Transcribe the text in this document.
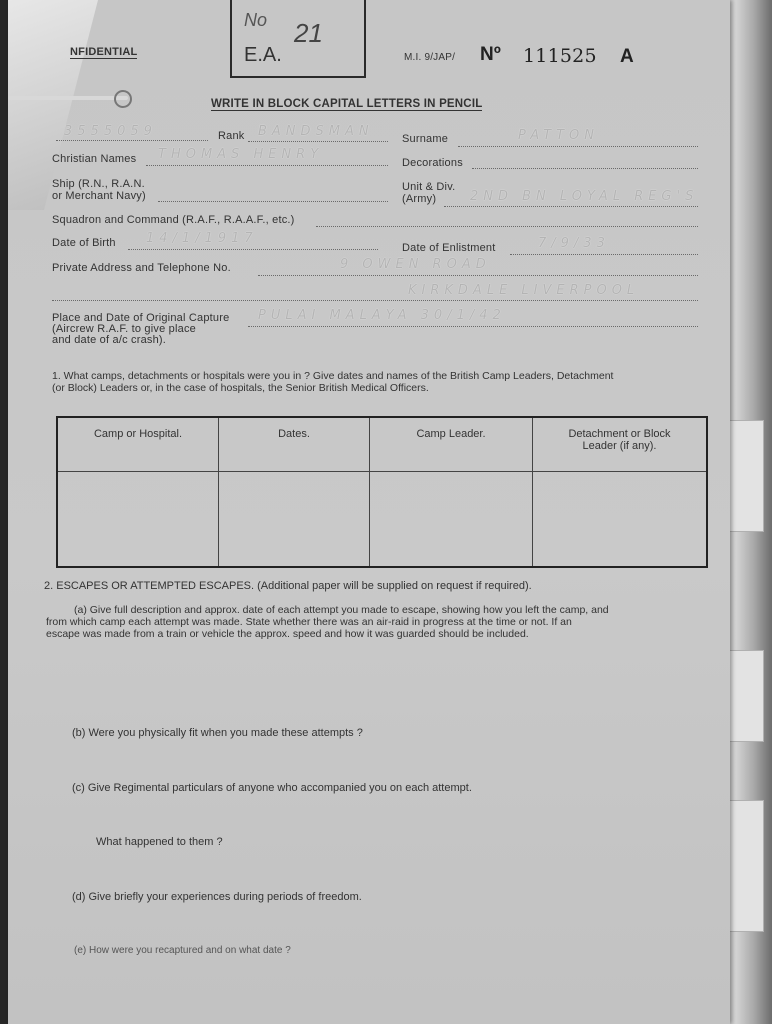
NFIDENTIAL
No 21
E.A.	M.I. 9/JAP/ Nº 111525 A
WRITE IN BLOCK CAPITAL LETTERS IN PENCIL
3555059	Rank BANDSMAN	Surname	PATTON
Christian Names THOMAS HENRY
Decorations
Ship (R.N., R.A.N.
or Merchant Navy)
Unit & Div.
(Army)	2ND BN LOYAL REG'S
Squadron and Command (R.A.F., R.A.A.F., etc.)
Date of Birth 14/1/1917
Date of Enlistment	7/9/33
Private Address and Telephone No.	9 OWEN ROAD
KIRKDALE LIVERPOOL
Place and Date of Original Capture
(Aircrew R.A.F. to give place
and date of a/c crash).
PULAI MALAYA 30/1/42
1. What camps, detachments or hospitals were you in ? Give dates and names of the British Camp Leaders, Detachment
(or Block) Leaders or, in the case of hospitals, the Senior British Medical Officers.
Camp or Hospital.	Dates.	Camp Leader.	Detachment or Block Leader (if any).

2. ESCAPES OR ATTEMPTED ESCAPES. (Additional paper will be supplied on request if required).
(a) Give full description and approx. date of each attempt you made to escape, showing how you left the camp, and
from which camp each attempt was made. State whether there was an air-raid in progress at the time or not. If an
escape was made from a train or vehicle the approx. speed and how it was guarded should be included.
(b) Were you physically fit when you made these attempts ?
(c) Give Regimental particulars of anyone who accompanied you on each attempt.
What happened to them ?
(d) Give briefly your experiences during periods of freedom.
(e) How were you recaptured and on what date ?
